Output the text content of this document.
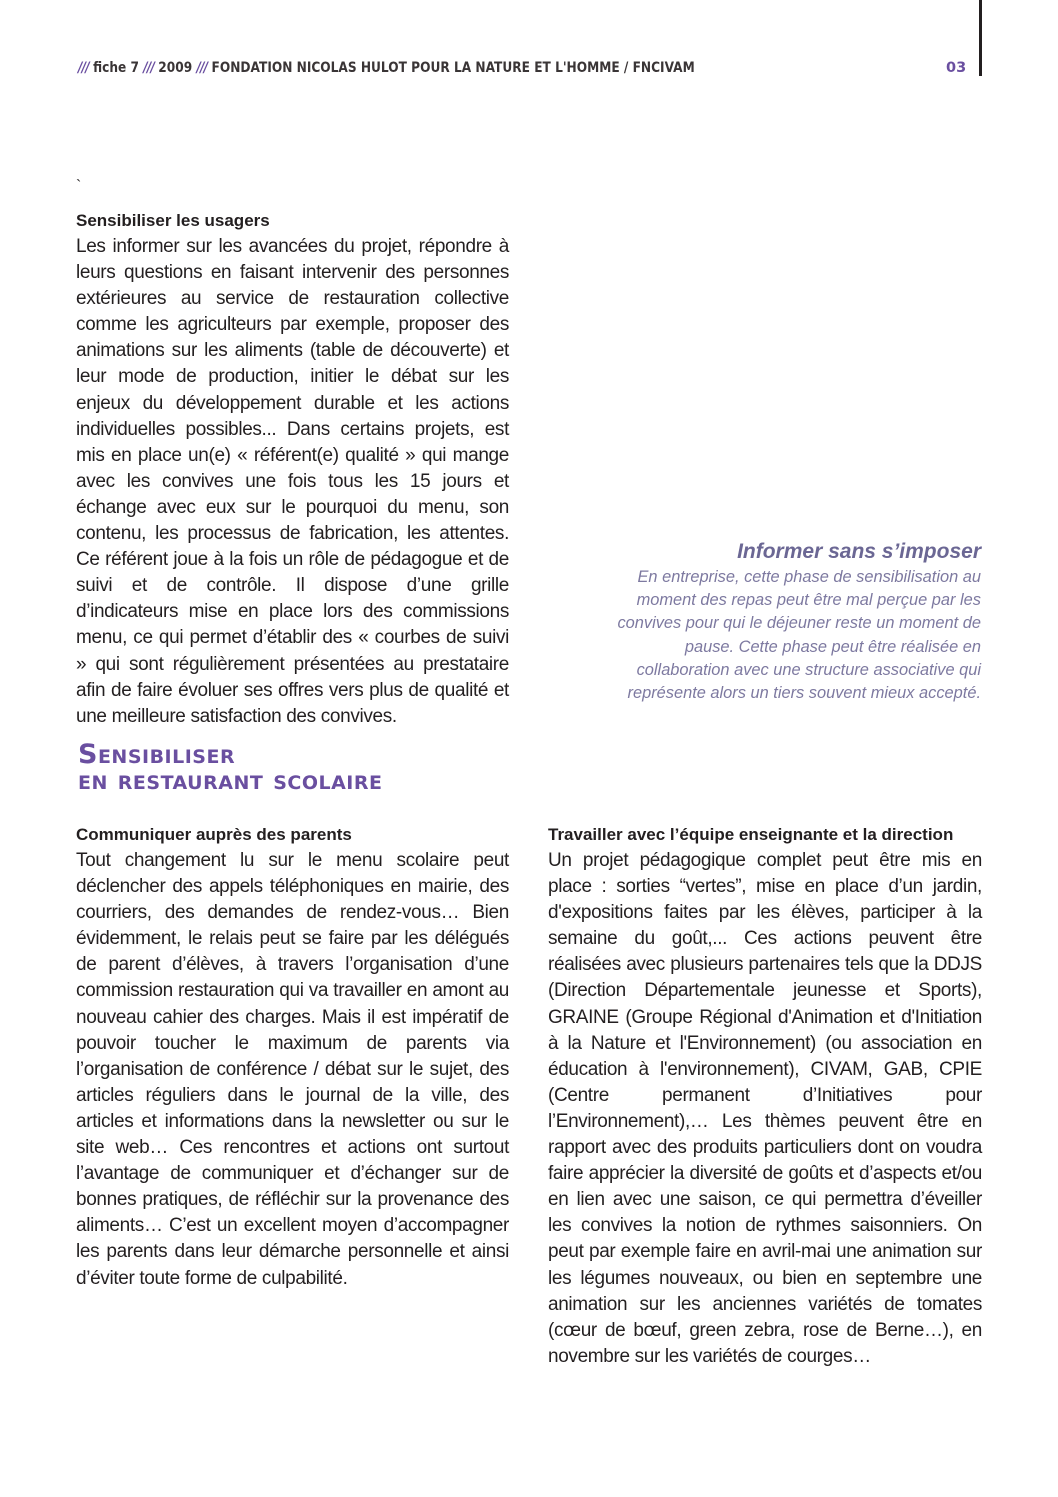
/// fiche 7 /// 2009 /// FONDATION NICOLAS HULOT POUR LA NATURE ET L'HOMME / FNCIVAM	03
`
Sensibiliser les usagers
Les informer sur les avancées du projet, répondre à leurs questions en faisant intervenir des personnes extérieures au service de restauration collective comme les agriculteurs par exemple, proposer des animations sur les aliments (table de découverte) et leur mode de production, initier le débat sur les enjeux du développement durable et les actions individuelles possibles... Dans certains projets, est mis en place un(e) « référent(e) qualité » qui mange avec les convives une fois tous les 15 jours et échange avec eux sur le pourquoi du menu, son contenu, les processus de fabrication, les attentes. Ce référent joue à la fois un rôle de pédagogue et de suivi et de contrôle. Il dispose d’une grille d’indicateurs mise en place lors des commissions menu, ce qui permet d’établir des « courbes de suivi » qui sont régulièrement présentées au prestataire afin de faire évoluer ses offres vers plus de qualité et une meilleure satisfaction des convives.
Informer sans s’imposer
En entreprise, cette phase de sensibilisation au moment des repas peut être mal perçue par les convives pour qui le déjeuner reste un moment de pause. Cette phase peut être réalisée en collaboration avec une structure associative qui représente alors un tiers souvent mieux accepté.
Sensibiliser
en restaurant scolaire
Communiquer auprès des parents
Tout changement lu sur le menu scolaire peut déclencher des appels téléphoniques en mairie, des courriers, des demandes de rendez-vous… Bien évidemment, le relais peut se faire par les délégués de parent d’élèves, à travers l’organisation d’une commission restauration qui va travailler en amont au nouveau cahier des charges. Mais il est impératif de pouvoir toucher le maximum de parents via l’organisation de conférence / débat sur le sujet, des articles réguliers dans le journal de la ville, des articles et informations dans la newsletter ou sur le site web… Ces rencontres et actions ont surtout l’avantage de communiquer et d’échanger sur de bonnes pratiques, de réfléchir sur la provenance des aliments… C’est un excellent moyen d’accompagner les parents dans leur démarche personnelle et ainsi d’éviter toute forme de culpabilité.
Travailler avec l’équipe enseignante et la direction
Un projet pédagogique complet peut être mis en place : sorties “vertes”, mise en place d’un jardin, d'expositions faites par les élèves, participer à la semaine du goût,... Ces actions peuvent être réalisées avec plusieurs partenaires tels que la DDJS (Direction Départementale jeunesse et Sports), GRAINE (Groupe Régional d'Animation et d'Initiation à la Nature et l'Environnement) (ou association en éducation à l'environnement), CIVAM, GAB, CPIE (Centre permanent d’Initiatives pour l’Environnement),… Les thèmes peuvent être en rapport avec des produits particuliers dont on voudra faire apprécier la diversité de goûts et d’aspects et/ou en lien avec une saison, ce qui permettra d’éveiller les convives la notion de rythmes saisonniers. On peut par exemple faire en avril-mai une animation sur les légumes nouveaux, ou bien en septembre une animation sur les anciennes variétés de tomates (cœur de bœuf, green zebra, rose de Berne…), en novembre sur les variétés de courges…
